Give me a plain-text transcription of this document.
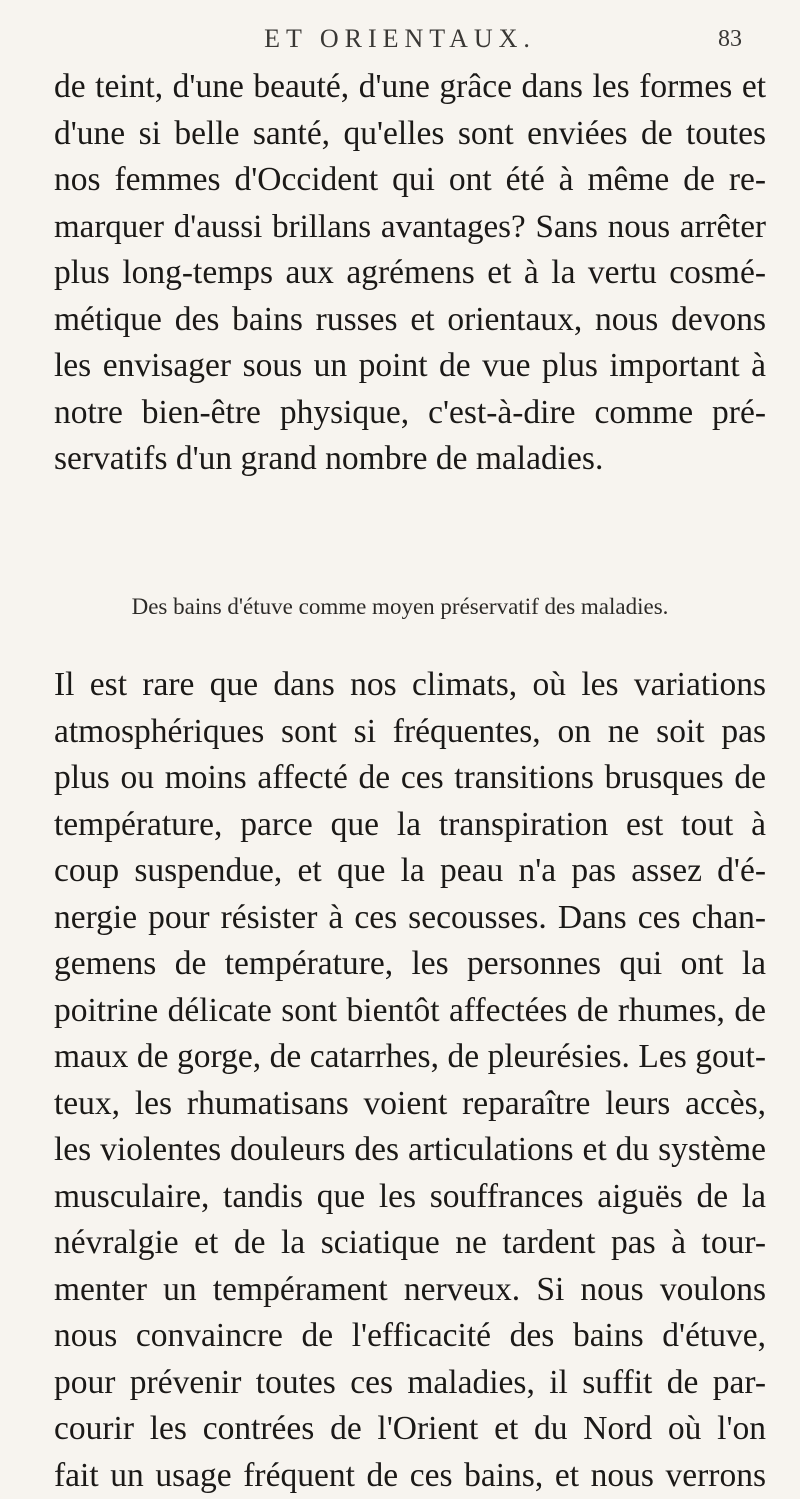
ET ORIENTAUX.	83
de teint, d'une beauté, d'une grâce dans les formes et
d'une si belle santé, qu'elles sont enviées de toutes
nos femmes d'Occident qui ont été à même de re-
marquer d'aussi brillans avantages? Sans nous arrêter
plus long-temps aux agrémens et à la vertu cosmé-
métique des bains russes et orientaux, nous devons
les envisager sous un point de vue plus important à
notre bien-être physique, c'est-à-dire comme pré-
servatifs d'un grand nombre de maladies.
Des bains d'étuve comme moyen préservatif des maladies.
Il est rare que dans nos climats, où les variations
atmosphériques sont si fréquentes, on ne soit pas
plus ou moins affecté de ces transitions brusques de
température, parce que la transpiration est tout à
coup suspendue, et que la peau n'a pas assez d'é-
nergie pour résister à ces secousses. Dans ces chan-
gemens de température, les personnes qui ont la
poitrine délicate sont bientôt affectées de rhumes, de
maux de gorge, de catarrhes, de pleurésies. Les gout-
teux, les rhumatisans voient reparaître leurs accès,
les violentes douleurs des articulations et du système
musculaire, tandis que les souffrances aiguës de la
névralgie et de la sciatique ne tardent pas à tour-
menter un tempérament nerveux. Si nous voulons
nous convaincre de l'efficacité des bains d'étuve,
pour prévenir toutes ces maladies, il suffit de par-
courir les contrées de l'Orient et du Nord où l'on
fait un usage fréquent de ces bains, et nous verrons
